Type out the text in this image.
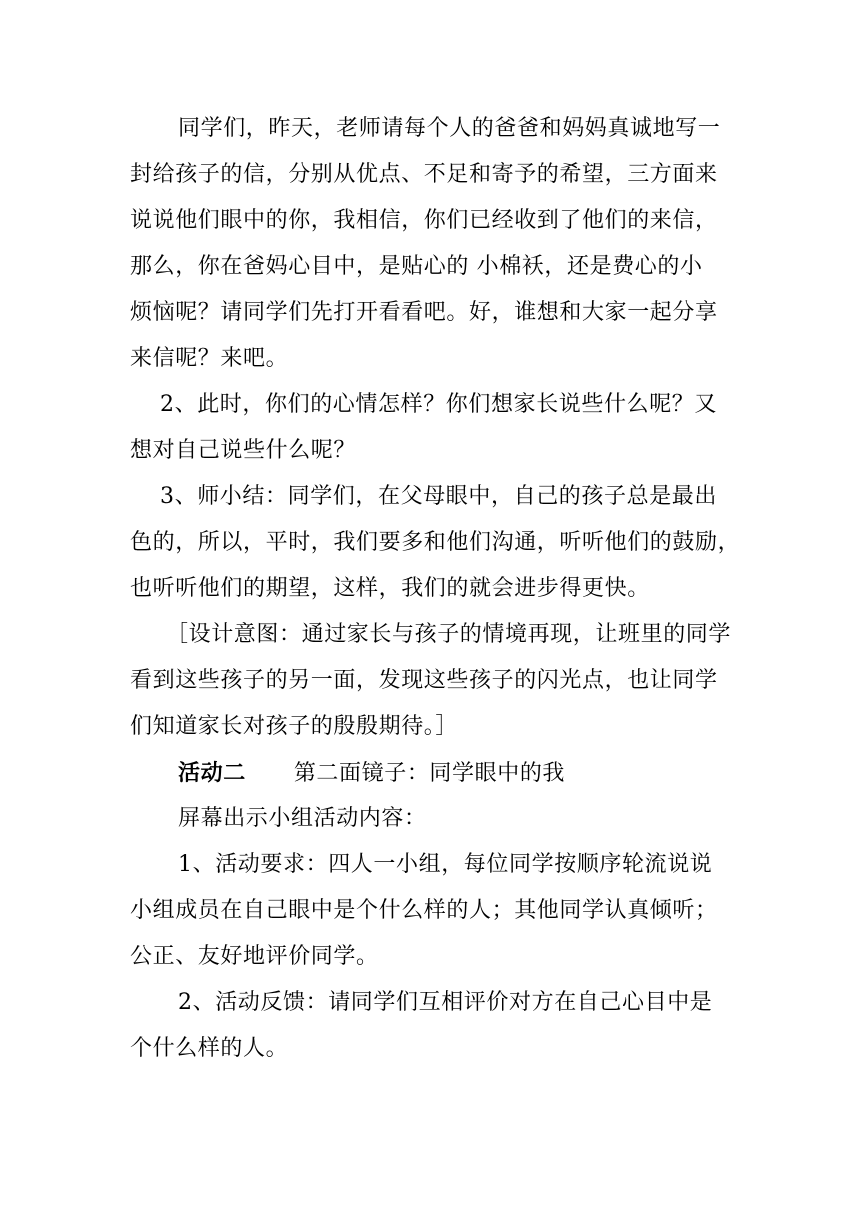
同学们，昨天，老师请每个人的爸爸和妈妈真诚地写一
封给孩子的信，分别从优点、不足和寄予的希望，三方面来
说说他们眼中的你，我相信，你们已经收到了他们的来信，
那么，你在爸妈心目中，是贴心的 小棉袄，还是费心的小
烦恼呢？请同学们先打开看看吧。好，谁想和大家一起分享
来信呢？来吧。
2、此时，你们的心情怎样？你们想家长说些什么呢？又
想对自己说些什么呢？
3、师小结：同学们，在父母眼中，自己的孩子总是最出
色的，所以，平时，我们要多和他们沟通，听听他们的鼓励，
也听听他们的期望，这样，我们的就会进步得更快。
［设计意图：通过家长与孩子的情境再现，让班里的同学
看到这些孩子的另一面，发现这些孩子的闪光点，也让同学
们知道家长对孩子的殷殷期待。］
活动二 第二面镜子：同学眼中的我
屏幕出示小组活动内容：
1、活动要求：四人一小组，每位同学按顺序轮流说说
小组成员在自己眼中是个什么样的人；其他同学认真倾听；
公正、友好地评价同学。
2、活动反馈：请同学们互相评价对方在自己心目中是
个什么样的人。
